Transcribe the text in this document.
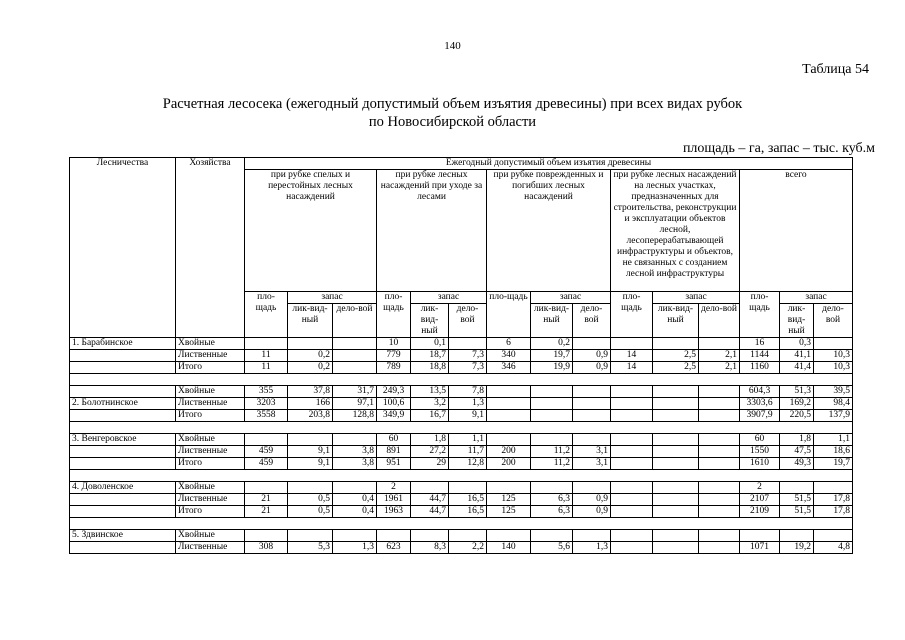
140
Таблица 54
Расчетная лесосека (ежегодный допустимый объем изъятия древесины) при всех видах рубок
по Новосибирской области
площадь – га, запас – тыс. куб.м
Лесничества	Хозяйства	Ежегодный допустимый объем изъятия древесины														
		при рубке спелых и перестойных лесных насаждений			при рубке лесных насаждений при уходе за лесами			при рубке поврежденных и погибших лесных насаждений			при рубке лесных насаждений на лесных участках, предназначенных для строительства, реконструкции и эксплуатации объектов лесной, лесоперерабатывающей инфраструктуры и объектов, не связанных с созданием лесной инфраструктуры			всего		
		пло-щадь	запас		пло-щадь	запас		пло-щадь	запас		пло-щадь	запас		пло-щадь	запас	
			лик-вид-ный	дело-вой		лик-вид-ный	дело-вой		лик-вид-ный	дело-вой		лик-вид-ный	дело-вой		лик-вид-ный	дело-вой
1. Барабинское	Хвойные				10	0,1		6	0,2					16	0,3	
	Лиственные	11	0,2		779	18,7	7,3	340	19,7	0,9	14	2,5	2,1	1144	41,1	10,3
	Итого	11	0,2		789	18,8	7,3	346	19,9	0,9	14	2,5	2,1	1160	41,4	10,3

	Хвойные	355	37,8	31,7	249,3	13,5	7,8							604,3	51,3	39,5
2. Болотнинское	Лиственные	3203	166	97,1	100,6	3,2	1,3							3303,6	169,2	98,4
	Итого	3558	203,8	128,8	349,9	16,7	9,1							3907,9	220,5	137,9

3. Венгеровское	Хвойные				60	1,8	1,1							60	1,8	1,1
	Лиственные	459	9,1	3,8	891	27,2	11,7	200	11,2	3,1				1550	47,5	18,6
	Итого	459	9,1	3,8	951	29	12,8	200	11,2	3,1				1610	49,3	19,7

4. Доволенское	Хвойные				2									2		
	Лиственные	21	0,5	0,4	1961	44,7	16,5	125	6,3	0,9				2107	51,5	17,8
	Итого	21	0,5	0,4	1963	44,7	16,5	125	6,3	0,9				2109	51,5	17,8

5. Здвинское	Хвойные															
	Лиственные	308	5,3	1,3	623	8,3	2,2	140	5,6	1,3				1071	19,2	4,8
